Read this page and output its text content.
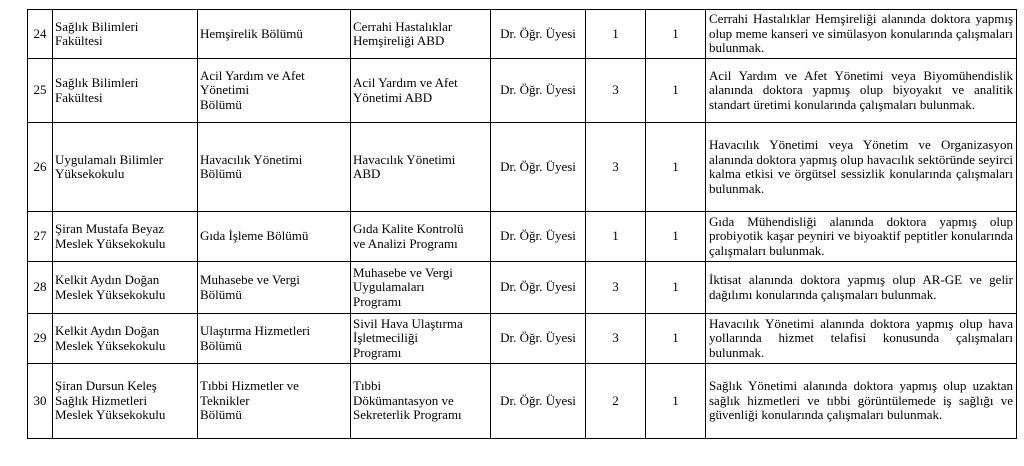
24	Sağlık Bilimleri
Fakültesi	Hemşirelik Bölümü	Cerrahi Hastalıklar
Hemşireliği ABD	Dr. Öğr. Üyesi	1	1	Cerrahi Hastalıklar Hemşireliği alanında doktora yapmış olup meme kanseri ve simülasyon konularında çalışmaları bulunmak.
25	Sağlık Bilimleri
Fakültesi	Acil Yardım ve Afet
Yönetimi
Bölümü	Acil Yardım ve Afet
Yönetimi ABD	Dr. Öğr. Üyesi	3	1	Acil Yardım ve Afet Yönetimi veya Biyomühendislik alanında doktora yapmış olup biyoyakıt ve analitik standart üretimi konularında çalışmaları bulunmak.
26	Uygulamalı Bilimler
Yüksekokulu	Havacılık Yönetimi
Bölümü	Havacılık Yönetimi
ABD	Dr. Öğr. Üyesi	3	1	Havacılık Yönetimi veya Yönetim ve Organizasyon alanında doktora yapmış olup havacılık sektöründe seyirci kalma etkisi ve örgütsel sessizlik konularında çalışmaları bulunmak.
27	Şiran Mustafa Beyaz
Meslek Yüksekokulu	Gıda İşleme Bölümü	Gıda Kalite Kontrolü
ve Analizi Programı	Dr. Öğr. Üyesi	1	1	Gıda Mühendisliği alanında doktora yapmış olup probiyotik kaşar peyniri ve biyoaktif peptitler konularında çalışmaları bulunmak.
28	Kelkit Aydın Doğan
Meslek Yüksekokulu	Muhasebe ve Vergi
Bölümü	Muhasebe ve Vergi
Uygulamaları
Programı	Dr. Öğr. Üyesi	3	1	İktisat alanında doktora yapmış olup AR-GE ve gelir dağılımı konularında çalışmaları bulunmak.
29	Kelkit Aydın Doğan
Meslek Yüksekokulu	Ulaştırma Hizmetleri
Bölümü	Sivil Hava Ulaştırma
İşletmeciliği
Programı	Dr. Öğr. Üyesi	3	1	Havacılık Yönetimi alanında doktora yapmış olup hava yollarında hizmet telafisi konusunda çalışmaları bulunmak.
30	Şiran Dursun Keleş
Sağlık Hizmetleri
Meslek Yüksekokulu	Tıbbi Hizmetler ve
Teknikler
Bölümü	Tıbbi
Dökümantasyon ve
Sekreterlik Programı	Dr. Öğr. Üyesi	2	1	Sağlık Yönetimi alanında doktora yapmış olup uzaktan sağlık hizmetleri ve tıbbi görüntülemede iş sağlığı ve güvenliği konularında çalışmaları bulunmak.
